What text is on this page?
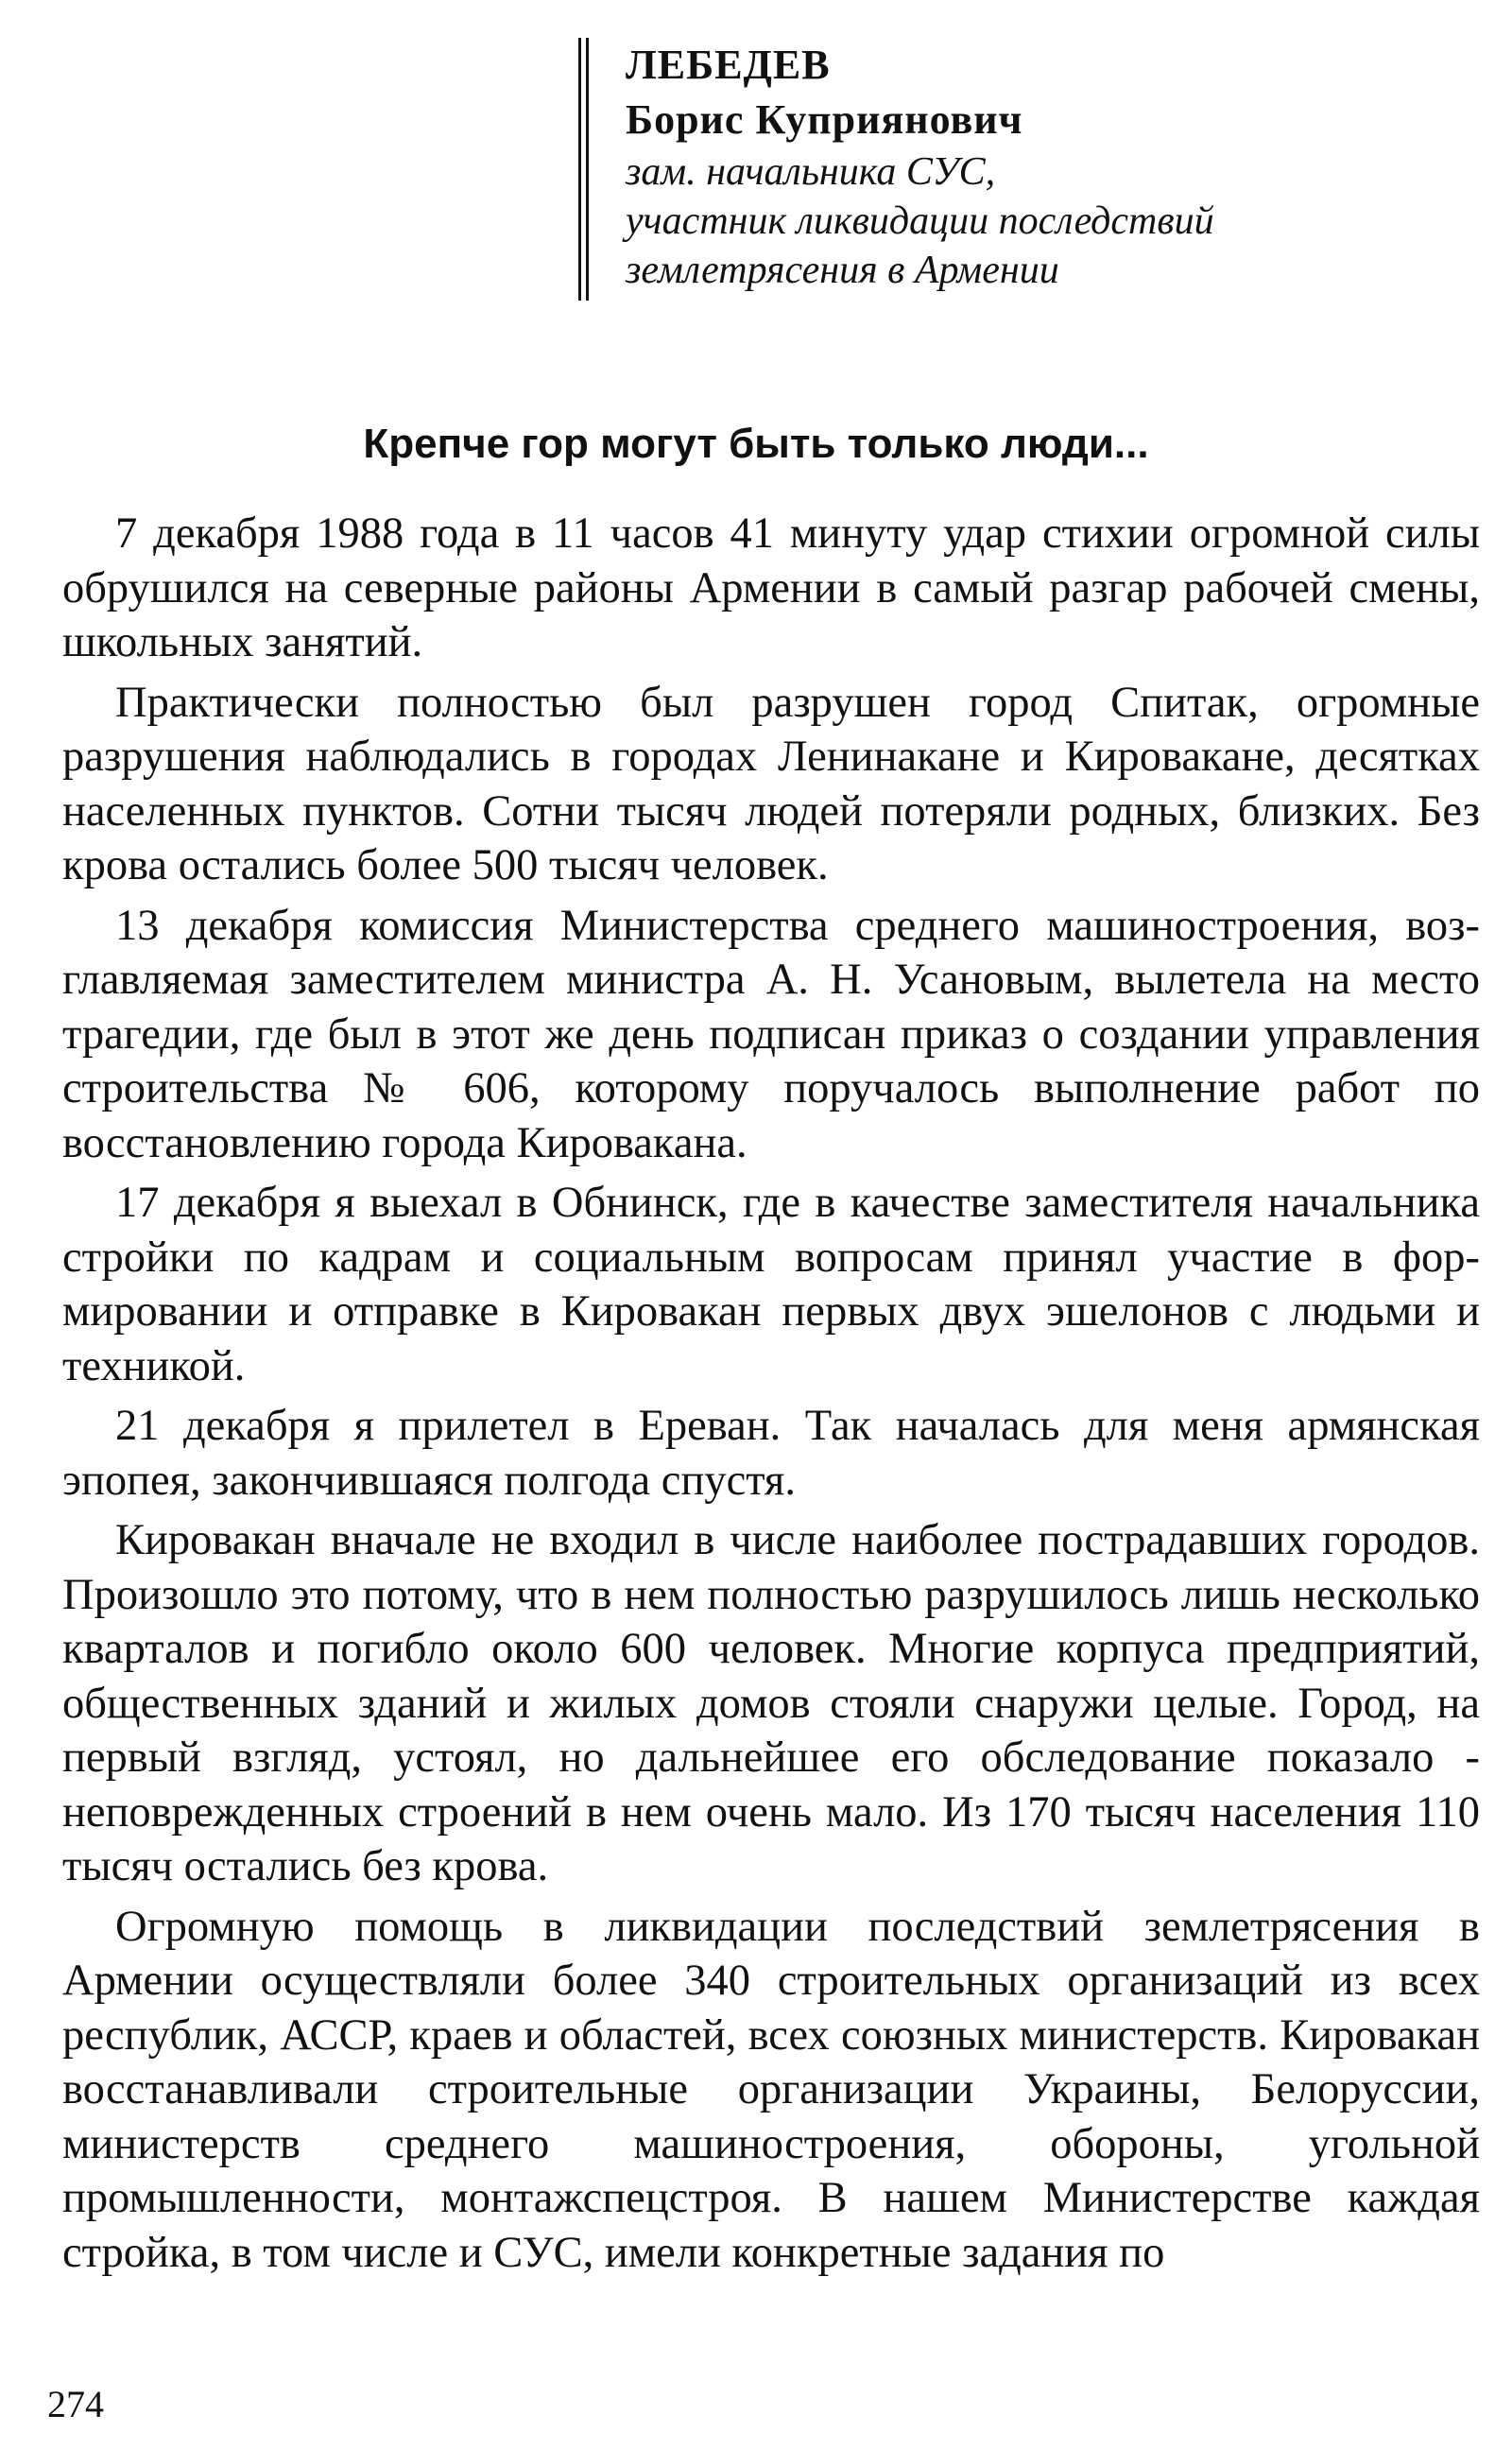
ЛЕБЕДЕВ
Борис Куприянович
зам. начальника СУС,
участник ликвидации последствий
землетрясения в Армении
Крепче гор могут быть только люди...

7 декабря 1988 года в 11 часов 41 минуту удар стихии огромной силы обрушился на северные районы Армении в самый разгар рабочей смены, школьных занятий.

Практически полностью был разрушен город Спитак, огромные разрушения наблюдались в городах Ленинакане и Кировакане, десятках населенных пунктов. Сотни тысяч людей потеряли родных, близких. Без крова остались более 500 тысяч человек.

13 декабря комиссия Министерства среднего машиностроения, возглавляемая заместителем министра А. Н. Усановым, вылетела на место трагедии, где был в этот же день подписан приказ о создании управления строительства № 606, которому поручалось выполнение работ по восстановлению города Кировакана.

17 декабря я выехал в Обнинск, где в качестве заместителя начальника стройки по кадрам и социальным вопросам принял участие в формировании и отправке в Кировакан первых двух эшелонов с людьми и техникой.

21 декабря я прилетел в Ереван. Так началась для меня армянская эпопея, закончившаяся полгода спустя.

Кировакан вначале не входил в числе наиболее пострадавших городов. Произошло это потому, что в нем полностью разрушилось лишь несколько кварталов и погибло около 600 человек. Многие корпуса предприятий, общественных зданий и жилых домов стояли снаружи целые. Город, на первый взгляд, устоял, но дальнейшее его обследование показало - неповрежденных строений в нем очень мало. Из 170 тысяч населения 110 тысяч остались без крова.

Огромную помощь в ликвидации последствий землетрясения в Армении осуществляли более 340 строительных организаций из всех республик, АССР, краев и областей, всех союзных министерств. Кировакан восстанавливали строительные организации Украины, Белоруссии, министерств среднего машиностроения, обороны, угольной промышленности, монтажспецстроя. В нашем Министерстве каждая стройка, в том числе и СУС, имели конкретные задания по

274
